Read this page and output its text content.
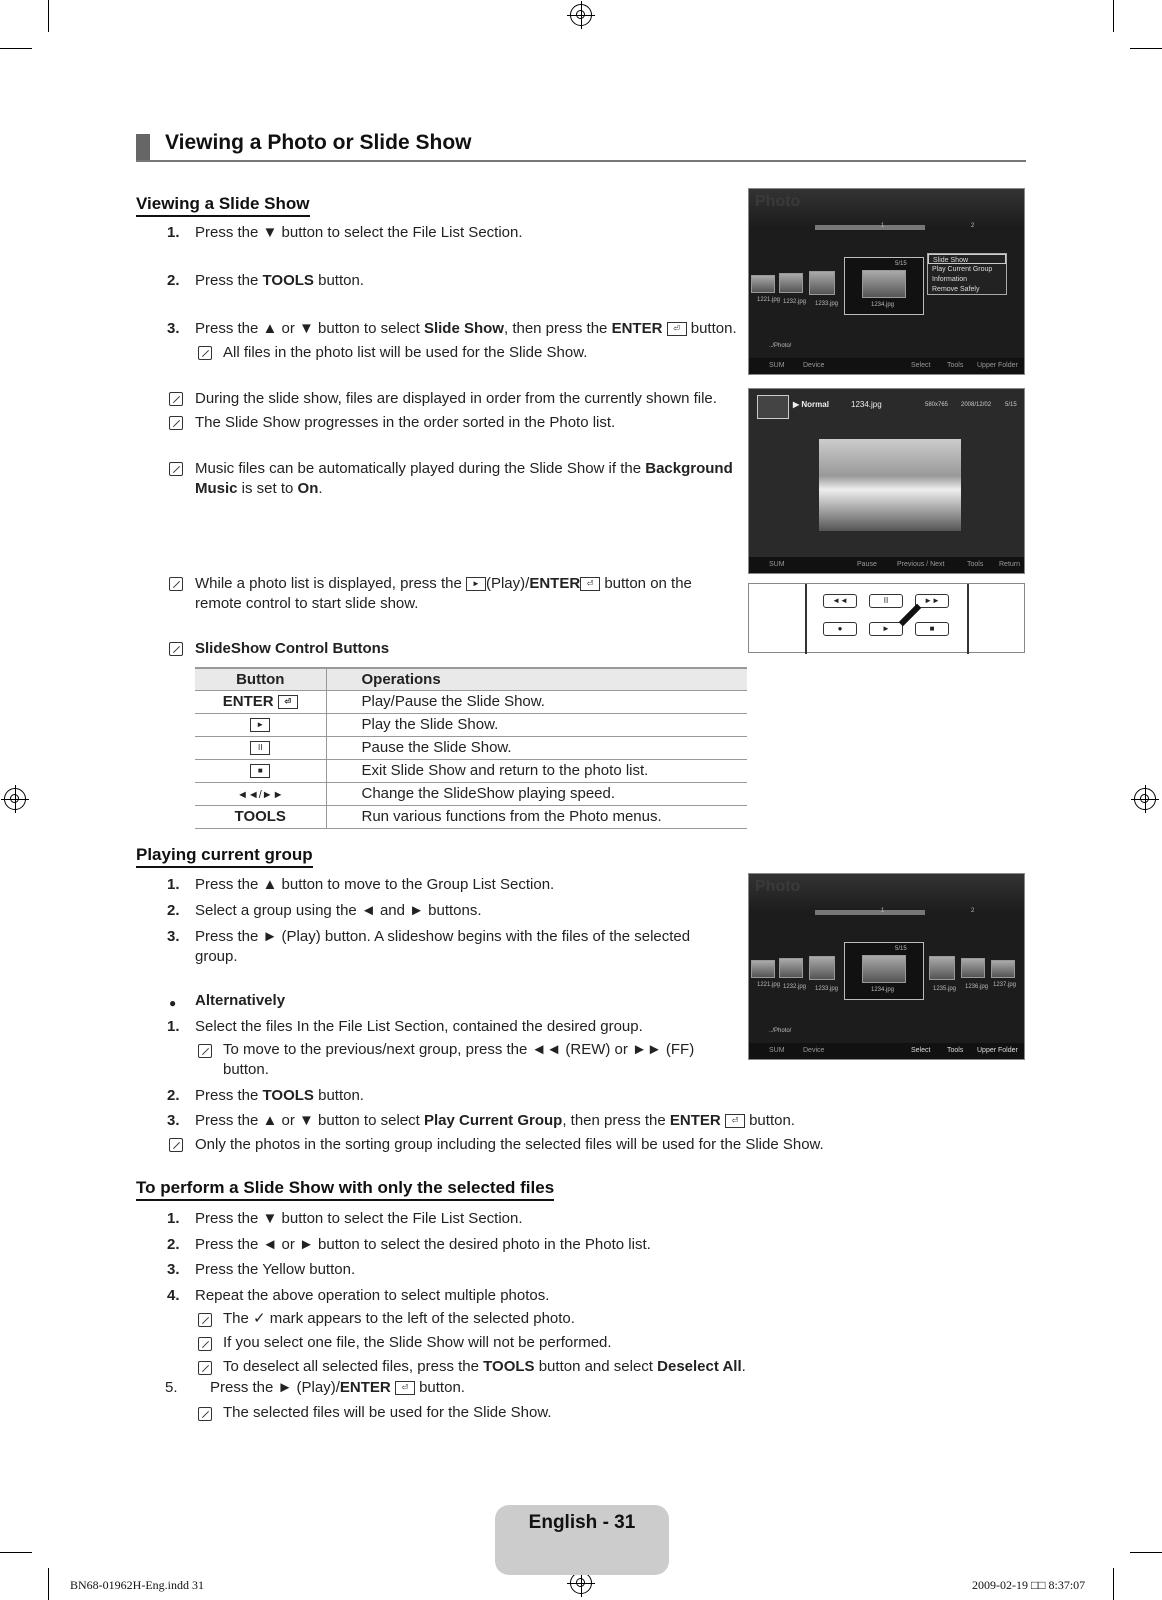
Viewing a Photo or Slide Show
Viewing a Slide Show
1. Press the ▼ button to select the File List Section.
2. Press the TOOLS button.
3. Press the ▲ or ▼ button to select Slide Show, then press the ENTER ⏎ button.
All files in the photo list will be used for the Slide Show.
During the slide show, files are displayed in order from the currently shown file.
The Slide Show progresses in the order sorted in the Photo list.
Music files can be automatically played during the Slide Show if the Background
Music is set to On.
While a photo list is displayed, press the ► (Play)/ENTER ⏎ button on the
remote control to start slide show.
SlideShow Control Buttons
Button	Operations
ENTER ⏎	Play/Pause the Slide Show.
►	Play the Slide Show.
II	Pause the Slide Show.
■	Exit Slide Show and return to the photo list.
◄◄/►►	Change the SlideShow playing speed.
TOOLS	Run various functions from the Photo menus.
Playing current group
1. Press the ▲ button to move to the Group List Section.
2. Select a group using the ◄ and ► buttons.
3. Press the ► (Play) button. A slideshow begins with the files of the selected
group.
● Alternatively
1. Select the files In the File List Section, contained the desired group.
To move to the previous/next group, press the ◄◄ (REW) or ►► (FF)
button.
2. Press the TOOLS button.
3. Press the ▲ or ▼ button to select Play Current Group, then press the ENTER ⏎ button.
Only the photos in the sorting group including the selected files will be used for the Slide Show.
To perform a Slide Show with only the selected files
1. Press the ▼ button to select the File List Section.
2. Press the ◄ or ► button to select the desired photo in the Photo list.
3. Press the Yellow button.
4. Repeat the above operation to select multiple photos.
The ✓ mark appears to the left of the selected photo.
If you select one file, the Slide Show will not be performed.
To deselect all selected files, press the TOOLS button and select Deselect All.
5. Press the ► (Play)/ENTER ⏎ button.
The selected files will be used for the Slide Show.
Photo
1	2
5/15
1234.jpg
1221.jpg 1232.jpg 1233.jpg
Slide Show
Play Current Group
Information
Remove Safely
../Photo/
SUM	Device	Select Tools Upper Folder
▶ Normal	1234.jpg	580x765 2008/12/02 5/15
SUM	Pause	Previous / Next	Tools Return
◄◄	II	►►
●	►	■
Photo
1	2
5/15
1234.jpg
1221.jpg 1232.jpg 1233.jpg	1235.jpg 1236.jpg 1237.jpg
../Photo/
SUM	Device	Select Tools Upper Folder
English - 31
BN68-01962H-Eng.indd 31	2009-02-19 □□ 8:37:07
